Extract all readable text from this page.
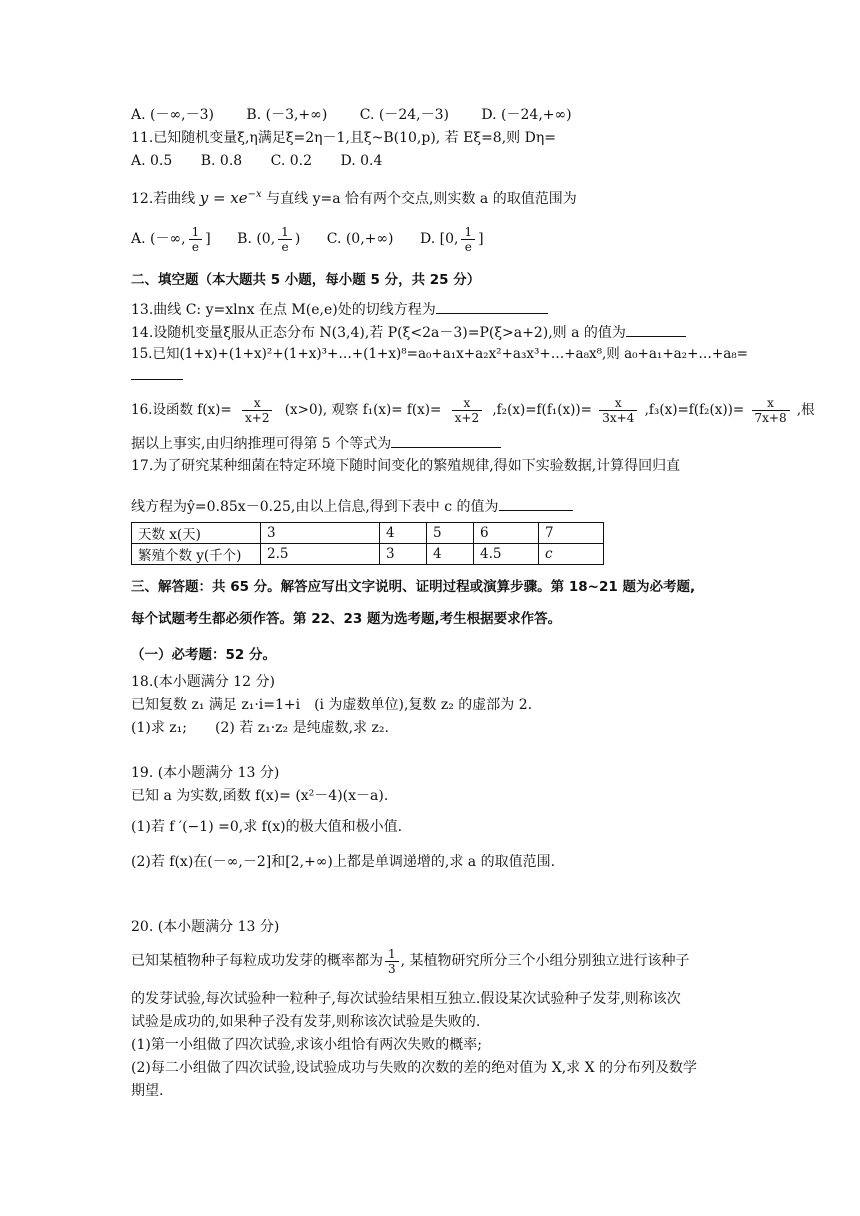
A. (－∞,－3) B. (－3,+∞) C. (－24,－3) D. (－24,+∞)
11.已知随机变量ξ,η满足ξ=2η－1,且ξ~B(10,p), 若 Eξ=8,则 Dη=
A. 0.5 B. 0.8 C. 0.2 D. 0.4
12.若曲线 $y = xe^{-x}$ 与直线 y=a 恰有两个交点,则实数 a 的取值范围为
A. (－∞, $\frac{1}{e}$ ] B. (0, $\frac{1}{e}$ ) C. (0,+∞) D. [0, $\frac{1}{e}$ ]
二、填空题（本大题共 5 小题，每小题 5 分，共 25 分）
13.曲线 C: y=xlnx 在点 M(e,e)处的切线方程为
14.设随机变量ξ服从正态分布 N(3,4),若 P(ξ<2a－3)=P(ξ>a+2),则 a 的值为
15.已知(1+x)+(1+x)²+(1+x)³+…+(1+x)⁸=a₀+a₁x+a₂x²+a₃x³+…+a₈x⁸,则 a₀+a₁+a₂+…+a₈=
16.设函数 $f(x)= \frac{x}{x+2} (x>0)$, 观察 $f_1(x)= f(x)= \frac{x}{x+2} ,f_2(x)=f(f_1(x))= \frac{x}{3x+4} ,f_3(x)=f(f_2(x))= \frac{x}{7x+8}$ ,根
据以上事实,由归纳推理可得第 5 个等式为
17.为了研究某种细菌在特定环境下随时间变化的繁殖规律,得如下实验数据,计算得回归直
线方程为ŷ=0.85x－0.25,由以上信息,得到下表中 c 的值为
天数 x(天)	3	4	5	6	7
繁殖个数 y(千个)	2.5	3	4	4.5	c
三、解答题：共 65 分。解答应写出文字说明、证明过程或演算步骤。第 18~21 题为必考题,
每个试题考生都必须作答。第 22、23 题为选考题,考生根据要求作答。
（一）必考题：52 分。
18.(本小题满分 12 分)
已知复数 z₁ 满足 z₁·i=1+i　(i 为虚数单位),复数 z₂ 的虚部为 2.
(1)求 z₁;　　(2) 若 z₁·z₂ 是纯虚数,求 z₂.
19. (本小题满分 13 分)
已知 a 为实数,函数 f(x)= (x²－4)(x－a).
(1)若 f ′(−1) =0,求 f(x)的极大值和极小值.
(2)若 f(x)在(－∞,－2]和[2,+∞)上都是单调递增的,求 a 的取值范围.
20. (本小题满分 13 分)
已知某植物种子每粒成功发芽的概率都为 $\frac{1}{3}$ , 某植物研究所分三个小组分别独立进行该种子
的发芽试验,每次试验种一粒种子,每次试验结果相互独立.假设某次试验种子发芽,则称该次
试验是成功的,如果种子没有发芽,则称该次试验是失败的.
(1)第一小组做了四次试验,求该小组恰有两次失败的概率;
(2)每二小组做了四次试验,设试验成功与失败的次数的差的绝对值为 X,求 X 的分布列及数学
期望.
